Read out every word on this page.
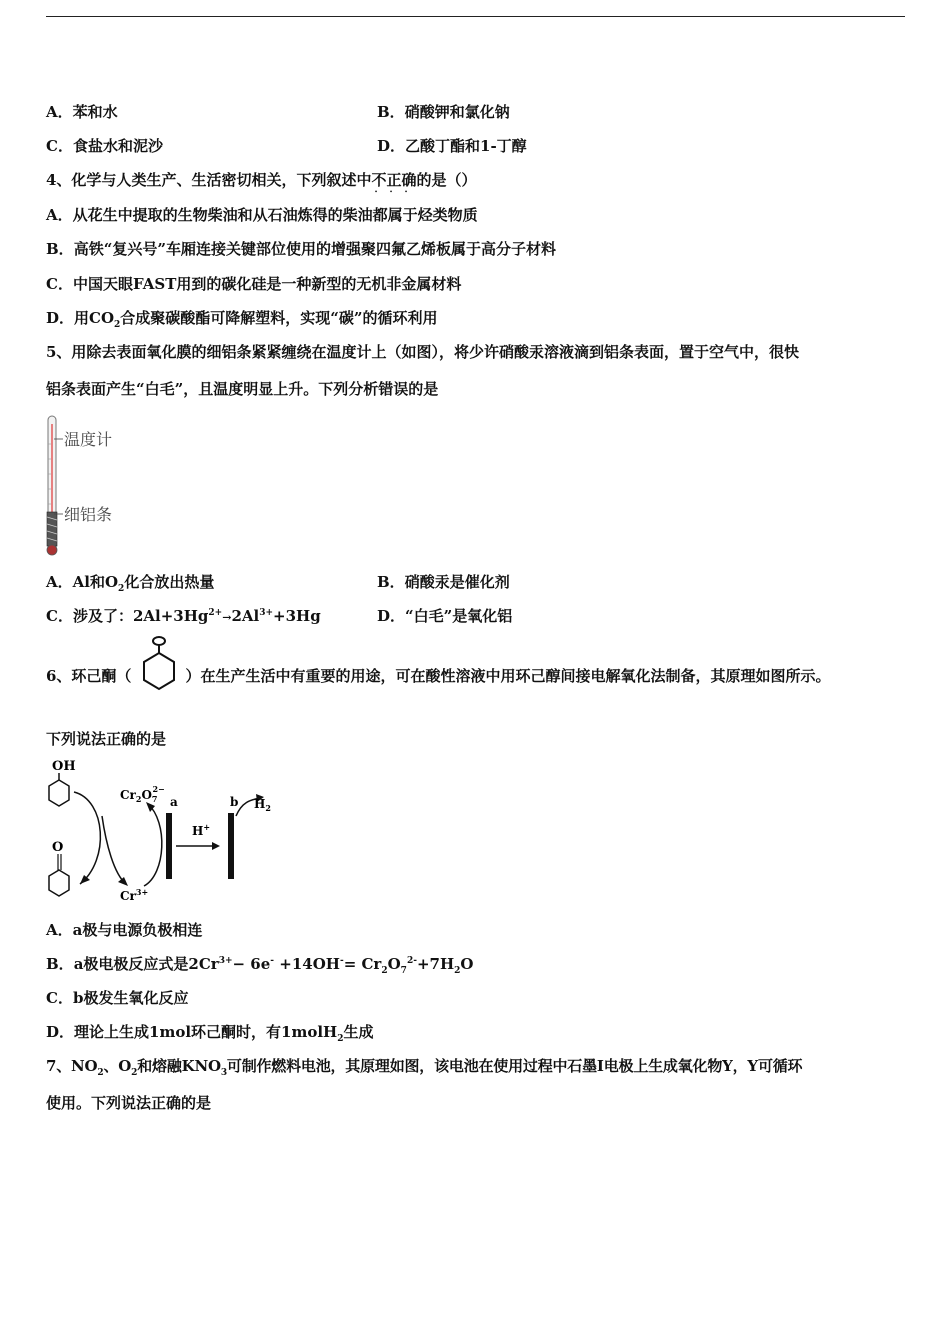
A．苯和水	B．硝酸钾和氯化钠
C．食盐水和泥沙	D．乙酸丁酯和1-丁醇
4、化学与人类生产、生活密切相关，下列叙述中不 ．正 ．确 ．的是（）
A．从花生中提取的生物柴油和从石油炼得的柴油都属于烃类物质
B．高铁“复兴号”车厢连接关键部位使用的增强聚四氟乙烯板属于高分子材料
C．中国天眼FAST用到的碳化硅是一种新型的无机非金属材料
D．用$CO_2$合成聚碳酸酯可降解塑料，实现“碳”的循环利用
5、用除去表面氧化膜的细铝条紧紧缠绕在温度计上（如图），将少许硝酸汞溶液滴到铝条表面，置于空气中，很快
铝条表面产生“白毛”，且温度明显上升。下列分析错误的是
温度计
细铝条
A．Al和$O_2$化合放出热量	B．硝酸汞是催化剂
C．涉及了：$2Al+3Hg^{2+}\to 2Al^{3+}+3Hg$	D．“白毛”是氧化铝
6、环己酮（	）在生产生活中有重要的用途，可在酸性溶液中用环己醇间接电解氧化法制备，其原理如图所示。
下列说法正确的是
OH
O
$Cr_2O_72-$
$Cr^{3+}$
a
H+
b $H_2$
A．a极与电源负极相连
B．a极电极反应式是$2Cr^{3+}- 6e^- +14OH^-= Cr_2O_7^{2-}+7H_2O$
C．b极发生氧化反应
D．理论上生成1mol环己酮时，有1molH$_2$生成
7、$NO_2$、$O_2$和熔融$KNO_3$可制作燃料电池，其原理如图，该电池在使用过程中石墨I电极上生成氧化物Y，Y可循环
使用。下列说法正确的是
